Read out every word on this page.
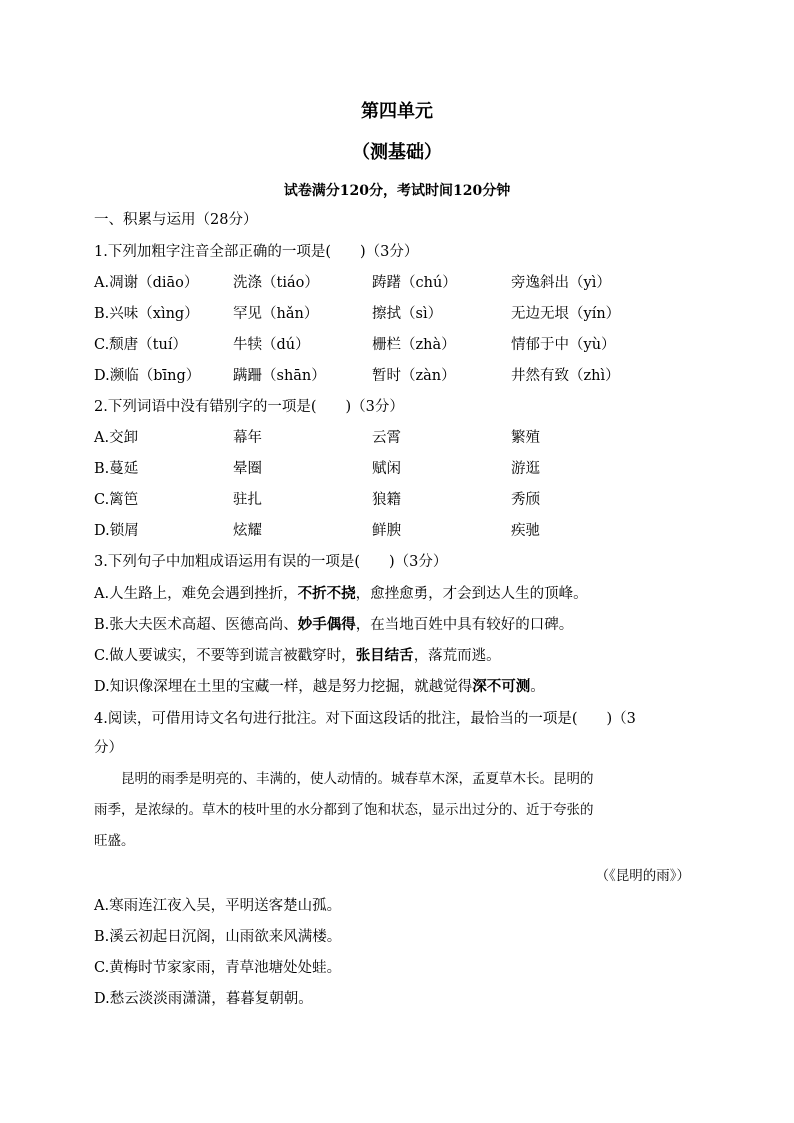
第四单元
（测基础）
试卷满分120分，考试时间120分钟
一、积累与运用（28分）
1.下列加粗字注音全部正确的一项是(　　)（3分）
A.凋谢（diāo） 洗涤（tiáo）	踌躇（chú）	旁逸斜出（yì）
B.兴味（xìng） 罕见（hǎn）	擦拭（sì）	无边无垠（yín）
C.颓唐（tuí）	牛犊（dú）	栅栏（zhà）	情郁于中（yù）
D.濒临（bīng） 蹒跚（shān）	暂时（zàn）	井然有致（zhì）
2.下列词语中没有错别字的一项是(　　)（3分）
A.交卸	幕年	云霄	繁殖
B.蔓延	晕圈	赋闲	游逛
C.篱笆	驻扎	狼籍	秀颀
D.锁屑	炫耀	鲜腴	疾驰
3.下列句子中加粗成语运用有误的一项是(　　)（3分）
A.人生路上，难免会遇到挫折，不折不挠，愈挫愈勇，才会到达人生的顶峰。
B.张大夫医术高超、医德高尚、妙手偶得，在当地百姓中具有较好的口碑。
C.做人要诚实，不要等到谎言被戳穿时，张目结舌，落荒而逃。
D.知识像深埋在土里的宝藏一样，越是努力挖掘，就越觉得深不可测。
4.阅读，可借用诗文名句进行批注。对下面这段话的批注，最恰当的一项是(　　)（3
分）
　　昆明的雨季是明亮的、丰满的，使人动情的。城春草木深，孟夏草木长。昆明的
雨季，是浓绿的。草木的枝叶里的水分都到了饱和状态，显示出过分的、近于夸张的
旺盛。
（《昆明的雨》）
A.寒雨连江夜入吴，平明送客楚山孤。
B.溪云初起日沉阁，山雨欲来风满楼。
C.黄梅时节家家雨，青草池塘处处蛙。
D.愁云淡淡雨潇潇，暮暮复朝朝。
